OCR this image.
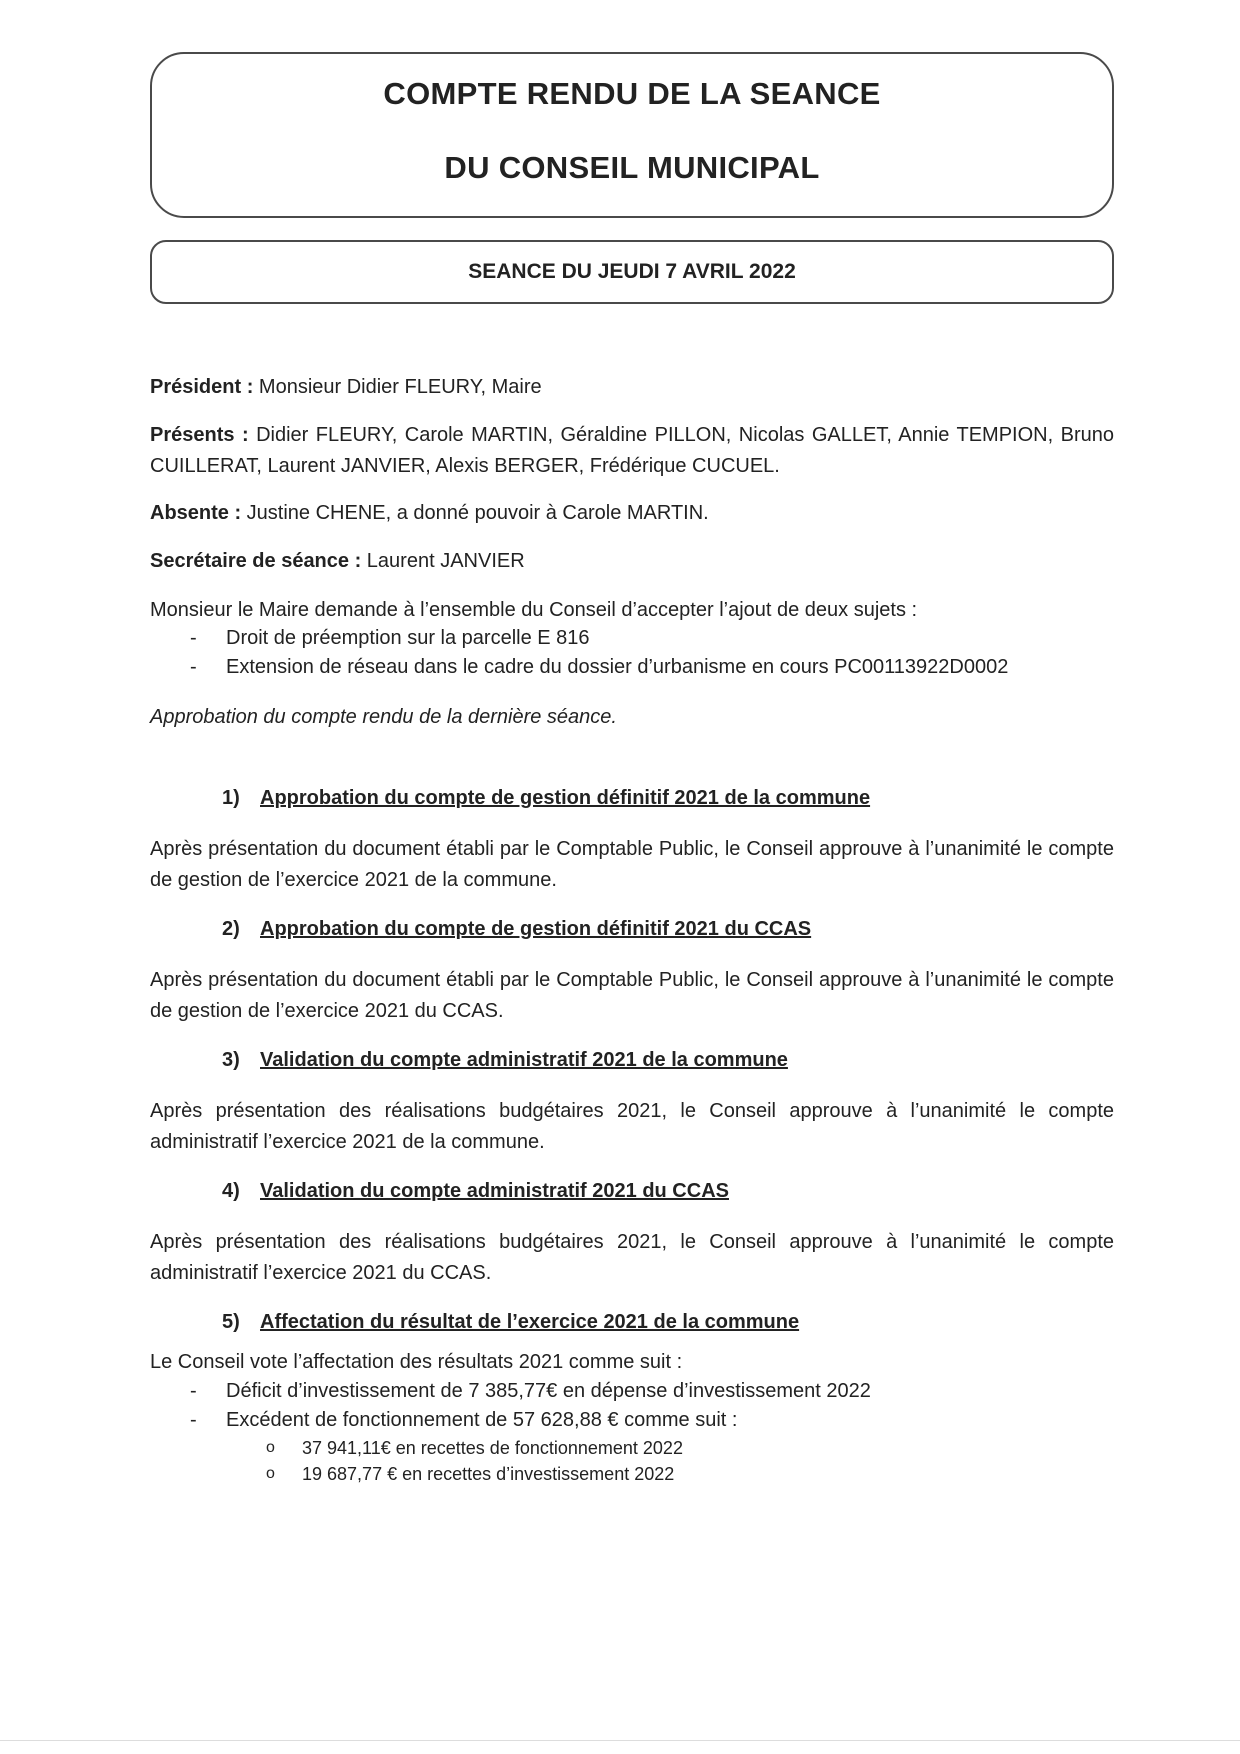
COMPTE RENDU DE LA SEANCE
DU CONSEIL MUNICIPAL
SEANCE DU JEUDI 7 AVRIL 2022

Président : Monsieur Didier FLEURY, Maire

Présents : Didier FLEURY, Carole MARTIN, Géraldine PILLON, Nicolas GALLET, Annie TEMPION, Bruno CUILLERAT, Laurent JANVIER, Alexis BERGER, Frédérique CUCUEL.

Absente : Justine CHENE, a donné pouvoir à Carole MARTIN.

Secrétaire de séance : Laurent JANVIER

Monsieur le Maire demande à l’ensemble du Conseil d’accepter l’ajout de deux sujets :

- Droit de préemption sur la parcelle E 816
- Extension de réseau dans le cadre du dossier d’urbanisme en cours PC00113922D0002

Approbation du compte rendu de la dernière séance.

1) Approbation du compte de gestion définitif 2021 de la commune

Après présentation du document établi par le Comptable Public, le Conseil approuve à l’unanimité le compte de gestion de l’exercice 2021 de la commune.

2) Approbation du compte de gestion définitif 2021 du CCAS

Après présentation du document établi par le Comptable Public, le Conseil approuve à l’unanimité le compte de gestion de l’exercice 2021 du CCAS.

3) Validation du compte administratif 2021 de la commune

Après présentation des réalisations budgétaires 2021, le Conseil approuve à l’unanimité le compte administratif l’exercice 2021 de la commune.

4) Validation du compte administratif 2021 du CCAS

Après présentation des réalisations budgétaires 2021, le Conseil approuve à l’unanimité le compte administratif l’exercice 2021 du CCAS.

5) Affectation du résultat de l’exercice 2021 de la commune

Le Conseil vote l’affectation des résultats 2021 comme suit :

- Déficit d’investissement de 7 385,77€ en dépense d’investissement 2022
- Excédent de fonctionnement de 57 628,88 € comme suit :
o 37 941,11€ en recettes de fonctionnement 2022
o 19 687,77 € en recettes d’investissement 2022
